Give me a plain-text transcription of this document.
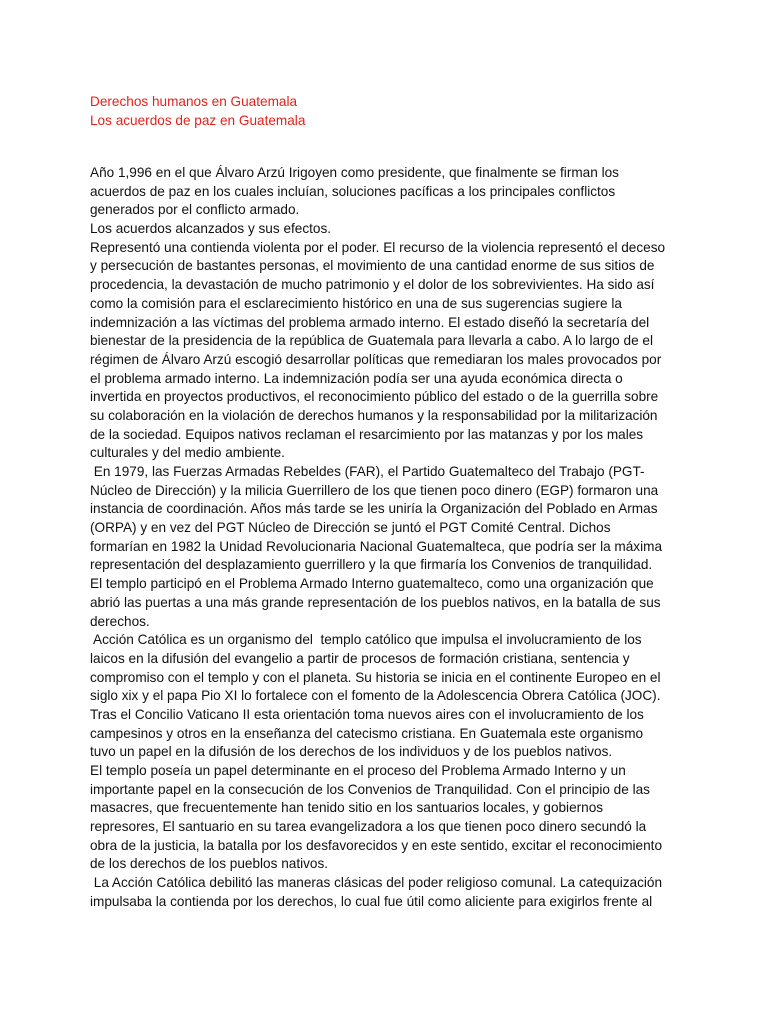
Derechos humanos en Guatemala
Los acuerdos de paz en Guatemala
Año 1,996 en el que Álvaro Arzú Irigoyen como presidente, que finalmente se firman los
acuerdos de paz en los cuales incluían, soluciones pacíficas a los principales conflictos
generados por el conflicto armado.
Los acuerdos alcanzados y sus efectos.
Representó una contienda violenta por el poder. El recurso de la violencia representó el deceso
y persecución de bastantes personas, el movimiento de una cantidad enorme de sus sitios de
procedencia, la devastación de mucho patrimonio y el dolor de los sobrevivientes. Ha sido así
como la comisión para el esclarecimiento histórico en una de sus sugerencias sugiere la
indemnización a las víctimas del problema armado interno. El estado diseñó la secretaría del
bienestar de la presidencia de la república de Guatemala para llevarla a cabo. A lo largo de el
régimen de Álvaro Arzú escogió desarrollar políticas que remediaran los males provocados por
el problema armado interno. La indemnización podía ser una ayuda económica directa o
invertida en proyectos productivos, el reconocimiento público del estado o de la guerrilla sobre
su colaboración en la violación de derechos humanos y la responsabilidad por la militarización
de la sociedad. Equipos nativos reclaman el resarcimiento por las matanzas y por los males
culturales y del medio ambiente.
En 1979, las Fuerzas Armadas Rebeldes (FAR), el Partido Guatemalteco del Trabajo (PGT-
Núcleo de Dirección) y la milicia Guerrillero de los que tienen poco dinero (EGP) formaron una
instancia de coordinación. Años más tarde se les uniría la Organización del Poblado en Armas
(ORPA) y en vez del PGT Núcleo de Dirección se juntó el PGT Comité Central. Dichos
formarían en 1982 la Unidad Revolucionaria Nacional Guatemalteca, que podría ser la máxima
representación del desplazamiento guerrillero y la que firmaría los Convenios de tranquilidad.
El templo participó en el Problema Armado Interno guatemalteco, como una organización que
abrió las puertas a una más grande representación de los pueblos nativos, en la batalla de sus
derechos.
Acción Católica es un organismo del  templo católico que impulsa el involucramiento de los
laicos en la difusión del evangelio a partir de procesos de formación cristiana, sentencia y
compromiso con el templo y con el planeta. Su historia se inicia en el continente Europeo en el
siglo xix y el papa Pio XI lo fortalece con el fomento de la Adolescencia Obrera Católica (JOC).
Tras el Concilio Vaticano II esta orientación toma nuevos aires con el involucramiento de los
campesinos y otros en la enseñanza del catecismo cristiana. En Guatemala este organismo
tuvo un papel en la difusión de los derechos de los individuos y de los pueblos nativos.
El templo poseía un papel determinante en el proceso del Problema Armado Interno y un
importante papel en la consecución de los Convenios de Tranquilidad. Con el principio de las
masacres, que frecuentemente han tenido sitio en los santuarios locales, y gobiernos
represores, El santuario en su tarea evangelizadora a los que tienen poco dinero secundó la
obra de la justicia, la batalla por los desfavorecidos y en este sentido, excitar el reconocimiento
de los derechos de los pueblos nativos.
La Acción Católica debilitó las maneras clásicas del poder religioso comunal. La catequización
impulsaba la contienda por los derechos, lo cual fue útil como aliciente para exigirlos frente al
